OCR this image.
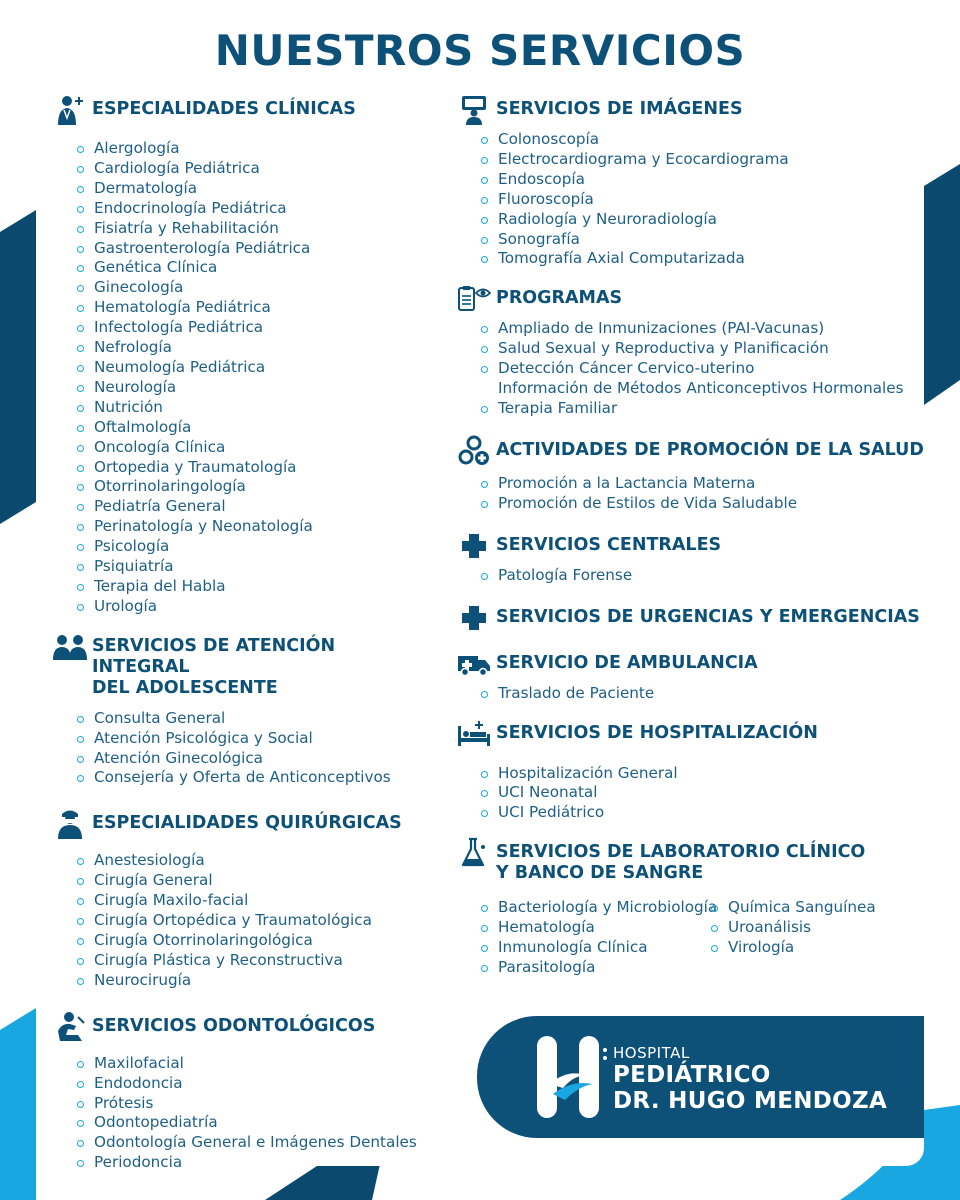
NUESTROS SERVICIOS
ESPECIALIDADES CLÍNICAS
Alergología
Cardiología Pediátrica
Dermatología
Endocrinología Pediátrica
Fisiatría y Rehabilitación
Gastroenterología Pediátrica
Genética Clínica
Ginecología
Hematología Pediátrica
Infectología Pediátrica
Nefrología
Neumología Pediátrica
Neurología
Nutrición
Oftalmología
Oncología Clínica
Ortopedia y Traumatología
Otorrinolaringología
Pediatría General
Perinatología y Neonatología
Psicología
Psiquiatría
Terapia del Habla
Urología
SERVICIOS DE ATENCIÓN INTEGRAL
DEL ADOLESCENTE
Consulta General
Atención Psicológica y Social
Atención Ginecológica
Consejería y Oferta de Anticonceptivos
ESPECIALIDADES QUIRÚRGICAS
Anestesiología
Cirugía General
Cirugía Maxilo-facial
Cirugía Ortopédica y Traumatológica
Cirugía Otorrinolaringológica
Cirugía Plástica y Reconstructiva
Neurocirugía
SERVICIOS ODONTOLÓGICOS
Maxilofacial
Endodoncia
Prótesis
Odontopediatría
Odontología General e Imágenes Dentales
Periodoncia
SERVICIOS DE IMÁGENES
Colonoscopía
Electrocardiograma y Ecocardiograma
Endoscopía
Fluoroscopía
Radiología y Neuroradiología
Sonografía
Tomografía Axial Computarizada
PROGRAMAS
Ampliado de Inmunizaciones (PAI-Vacunas)
Salud Sexual y Reproductiva y Planificación
Detección Cáncer Cervico-uterino
Información de Métodos Anticonceptivos Hormonales
Terapia Familiar
ACTIVIDADES DE PROMOCIÓN DE LA SALUD
Promoción a la Lactancia Materna
Promoción de Estilos de Vida Saludable
SERVICIOS CENTRALES
Patología Forense
SERVICIOS DE URGENCIAS Y EMERGENCIAS
SERVICIO DE AMBULANCIA
Traslado de Paciente
SERVICIOS DE HOSPITALIZACIÓN
Hospitalización General
UCI Neonatal
UCI Pediátrico
SERVICIOS DE LABORATORIO CLÍNICO
Y BANCO DE SANGRE
Bacteriología y Microbiología
Hematología
Inmunología Clínica
Parasitología
Química Sanguínea
Uroanálisis
Virología
HOSPITAL
PEDIÁTRICO
DR. HUGO MENDOZA
